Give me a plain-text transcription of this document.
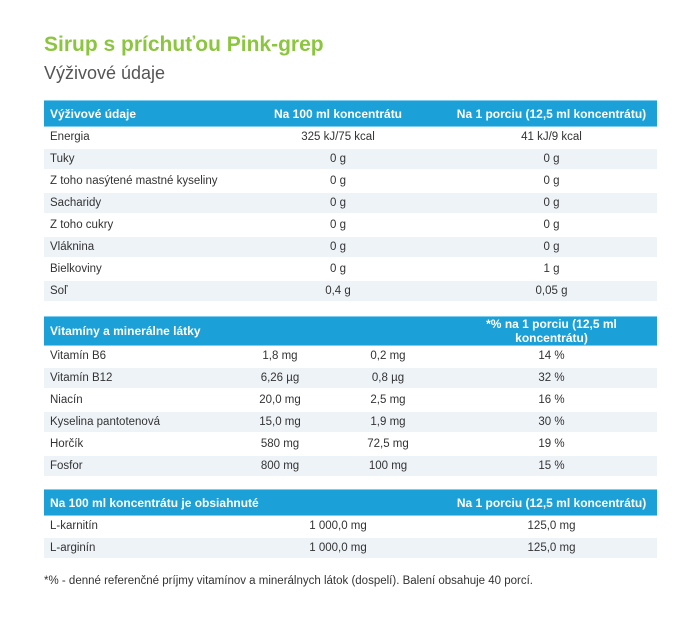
Sirup s príchuťou Pink-grep
Výživové údaje
Výživové údaje	Na 100 ml koncentrátu	Na 1 porciu (12,5 ml koncentrátu)
Energia	325 kJ/75 kcal	41 kJ/9 kcal
Tuky	0 g	0 g
Z toho nasýtené mastné kyseliny	0 g	0 g
Sacharidy	0 g	0 g
Z toho cukry	0 g	0 g
Vláknina	0 g	0 g
Bielkoviny	0 g	1 g
Soľ	0,4 g	0,05 g
Vitamíny a minerálne látky			*% na 1 porciu (12,5 ml koncentrátu)
Vitamín B6	1,8 mg	0,2 mg	14 %
Vitamín B12	6,26 µg	0,8 µg	32 %
Niacín	20,0 mg	2,5 mg	16 %
Kyselina pantotenová	15,0 mg	1,9 mg	30 %
Horčík	580 mg	72,5 mg	19 %
Fosfor	800 mg	100 mg	15 %
Na 100 ml koncentrátu je obsiahnuté		Na 1 porciu (12,5 ml koncentrátu)
L-karnitín	1 000,0 mg	125,0 mg
L-arginín	1 000,0 mg	125,0 mg
*% - denné referenčné príjmy vitamínov a minerálnych látok (dospelí). Balení obsahuje 40 porcí.
